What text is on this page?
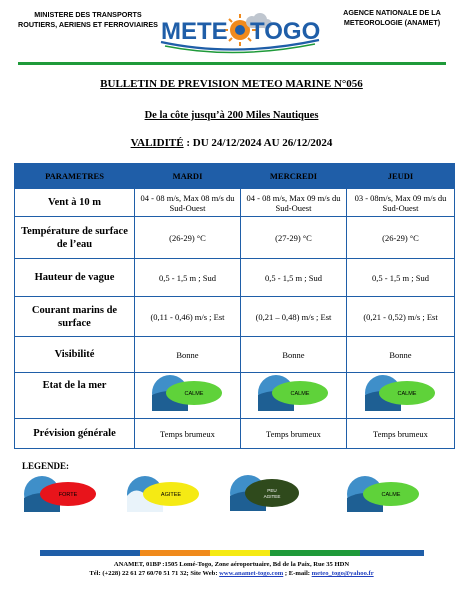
MINISTERE DES TRANSPORTS
ROUTIERS, AERIENS ET FERROVIAIRES METE TOGO
AGENCE NATIONALE DE LA
METEOROLOGIE (ANAMET)
BULLETIN DE PREVISION METEO MARINE N°056
De la côte jusqu’à 200 Miles Nautiques
VALIDITÉ : DU 24/12/2024 AU 26/12/2024
PARAMETRES	MARDI	MERCREDI	JEUDI
Vent à 10 m	04 - 08 m/s, Max 08 m/s du Sud-Ouest	04 - 08 m/s, Max 09 m/s du Sud-Ouest	03 - 08m/s, Max 09 m/s du Sud-Ouest
Température de surface de l’eau	(26-29) °C	(27-29) °C	(26-29) °C
Hauteur de vague	0,5 - 1,5 m ; Sud	0,5 - 1,5 m ; Sud	0,5 - 1,5 m ; Sud
Courant marins de surface	(0,11 - 0,46) m/s ; Est	(0,21 – 0,48) m/s ; Est	(0,21 - 0,52) m/s ; Est
Visibilité	Bonne	Bonne	Bonne
Etat de la mer	CALME	CALME	CALME

Prévision générale	Temps brumeux	Temps brumeux	Temps brumeux
LEGENDE:
FORTE	AGITEE
PEU
AGITEE	CALME
ANAMET, 01BP :1505 Lomé-Togo, Zone aéroportuaire, Bd de la Paix, Rue 35 HDN
Tél: (+228) 22 61 27 60/70 51 71 32; Site Web: www.anamet-togo.com ; E-mail: meteo_togo@yahoo.fr
